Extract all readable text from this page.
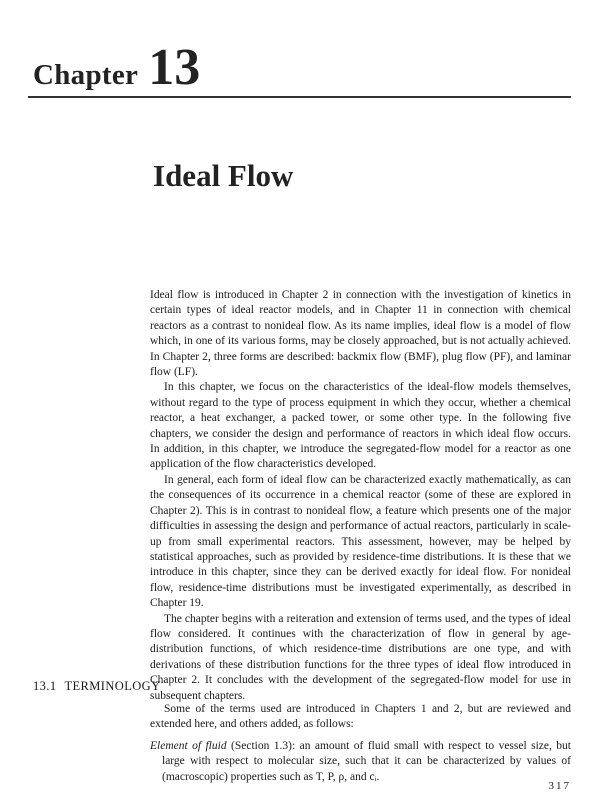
Chapter 13
Ideal Flow

Ideal flow is introduced in Chapter 2 in connection with the investigation of kinetics in certain types of ideal reactor models, and in Chapter 11 in connection with chemical reactors as a contrast to nonideal flow. As its name implies, ideal flow is a model of flow which, in one of its various forms, may be closely approached, but is not actually achieved. In Chapter 2, three forms are described: backmix flow (BMF), plug flow (PF), and laminar flow (LF).

In this chapter, we focus on the characteristics of the ideal-flow models themselves, without regard to the type of process equipment in which they occur, whether a chemical reactor, a heat exchanger, a packed tower, or some other type. In the following five chapters, we consider the design and performance of reactors in which ideal flow occurs. In addition, in this chapter, we introduce the segregated-flow model for a reactor as one application of the flow characteristics developed.

In general, each form of ideal flow can be characterized exactly mathematically, as can the consequences of its occurrence in a chemical reactor (some of these are explored in Chapter 2). This is in contrast to nonideal flow, a feature which presents one of the major difficulties in assessing the design and performance of actual reactors, particularly in scale-up from small experimental reactors. This assessment, however, may be helped by statistical approaches, such as provided by residence-time distributions. It is these that we introduce in this chapter, since they can be derived exactly for ideal flow. For nonideal flow, residence-time distributions must be investigated experimentally, as described in Chapter 19.

The chapter begins with a reiteration and extension of terms used, and the types of ideal flow considered. It continues with the characterization of flow in general by age-distribution functions, of which residence-time distributions are one type, and with derivations of these distribution functions for the three types of ideal flow introduced in Chapter 2. It concludes with the development of the segregated-flow model for use in subsequent chapters.

13.1 TERMINOLOGY

Some of the terms used are introduced in Chapters 1 and 2, but are reviewed and extended here, and others added, as follows:

Element of fluid (Section 1.3): an amount of fluid small with respect to vessel size, but large with respect to molecular size, such that it can be characterized by values of (macroscopic) properties such as T, P, ρ, and cᵢ.

317
